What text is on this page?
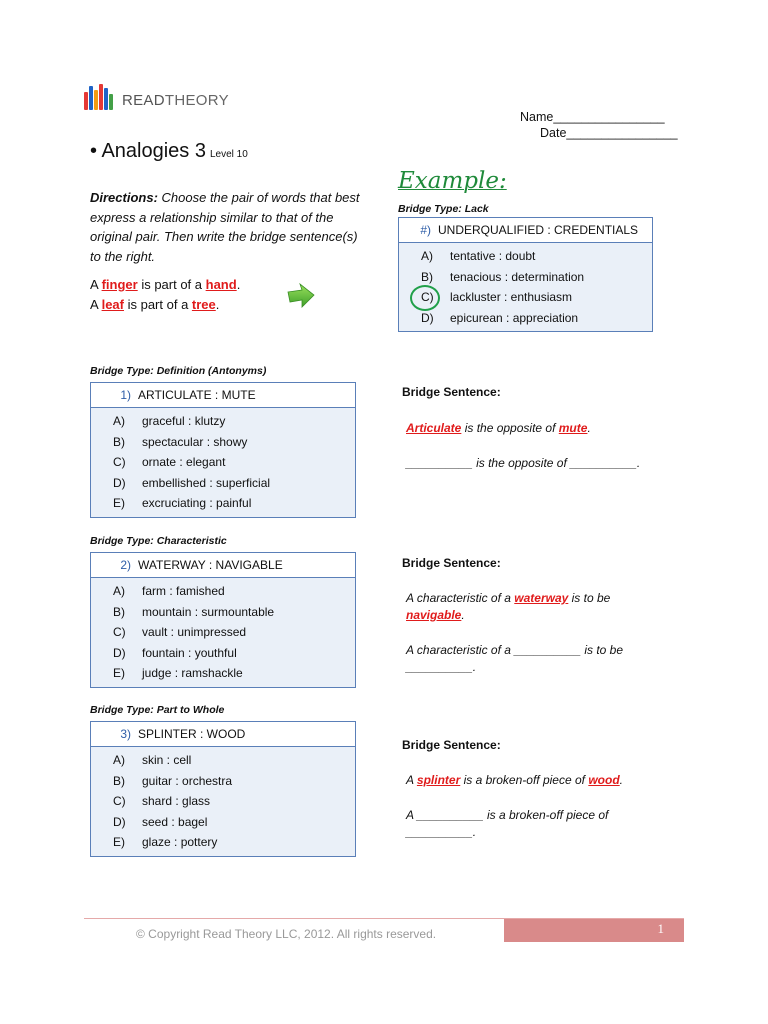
READTHEORY
Name________________
Date________________
• Analogies 3 Level 10
Directions: Choose the pair of words that best express a relationship similar to that of the original pair. Then write the bridge sentence(s) to the right.
A finger is part of a hand.
A leaf is part of a tree.
Example:
Bridge Type: Lack
#) UNDERQUALIFIED : CREDENTIALS
A)	tentative : doubt
B)	tenacious : determination
C)	lackluster : enthusiasm
D)	epicurean : appreciation
Bridge Type: Definition (Antonyms)
1) ARTICULATE : MUTE
A)	graceful : klutzy
B)	spectacular : showy
C)	ornate : elegant
D)	embellished : superficial
E)	excruciating : painful
Bridge Sentence:
Articulate is the opposite of mute.
__________ is the opposite of __________.
Bridge Type: Characteristic
2) WATERWAY : NAVIGABLE
A)	farm : famished
B)	mountain : surmountable
C)	vault : unimpressed
D)	fountain : youthful
E)	judge : ramshackle
Bridge Sentence:
A characteristic of a waterway is to be navigable.
A characteristic of a __________ is to be __________.
Bridge Type: Part to Whole
3) SPLINTER : WOOD
A)	skin : cell
B)	guitar : orchestra
C)	shard : glass
D)	seed : bagel
E)	glaze : pottery
Bridge Sentence:
A splinter is a broken-off piece of wood.
A __________ is a broken-off piece of __________.
© Copyright Read Theory LLC, 2012. All rights reserved.	1
